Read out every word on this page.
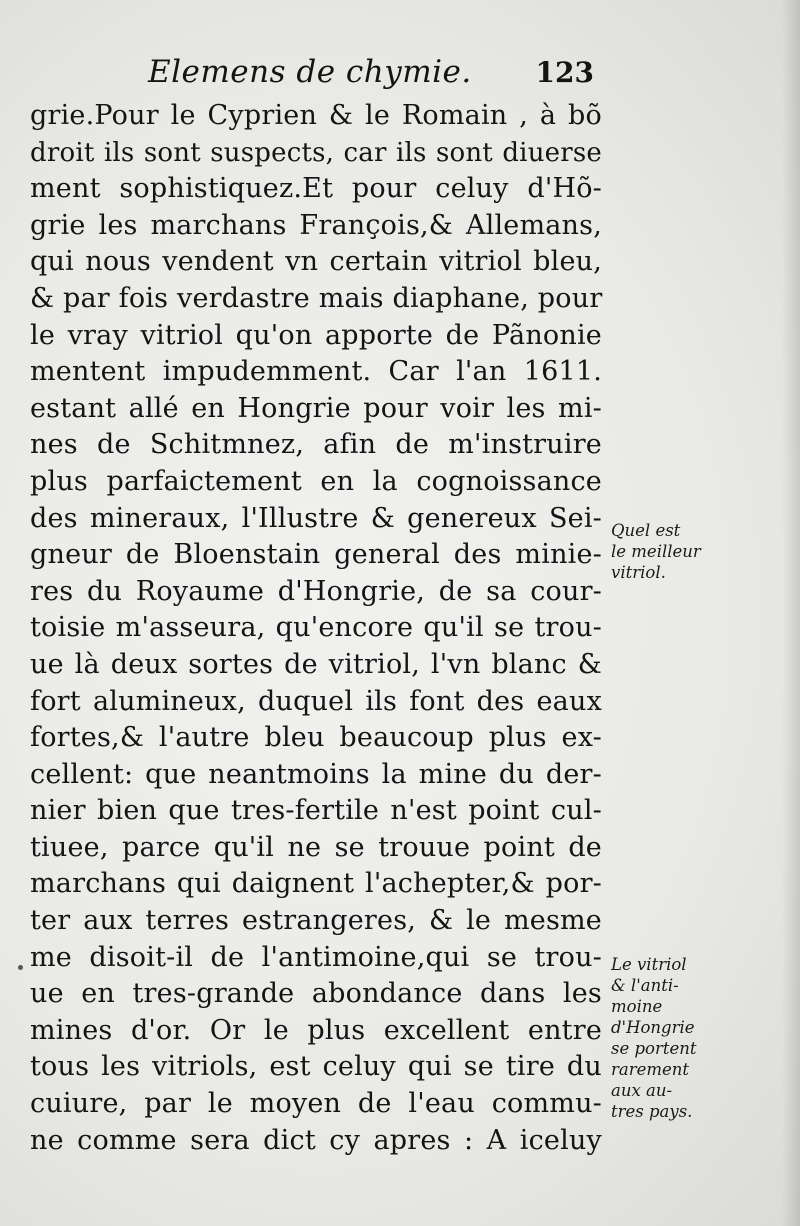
Elemens de chymie. 123
grie.Pour le Cyprien & le Romain , à bõ
droit ils sont suspects, car ils sont diuerse
ment sophistiquez.Et pour celuy d'Hõ-
grie les marchans François,& Allemans,
qui nous vendent vn certain vitriol bleu,
& par fois verdastre mais diaphane, pour
le vray vitriol qu'on apporte de Pãnonie
mentent impudemment. Car l'an 1611.
estant allé en Hongrie pour voir les mi-
nes de Schitmnez, afin de m'instruire
plus parfaictement en la cognoissance
des mineraux, l'Illustre & genereux Sei-
gneur de Bloenstain general des minie-
res du Royaume d'Hongrie, de sa cour-
toisie m'asseura, qu'encore qu'il se trou-
ue là deux sortes de vitriol, l'vn blanc &
fort alumineux, duquel ils font des eaux
fortes,& l'autre bleu beaucoup plus ex-
cellent: que neantmoins la mine du der-
nier bien que tres-fertile n'est point cul-
tiuee, parce qu'il ne se trouue point de
marchans qui daignent l'achepter,& por-
ter aux terres estrangeres, & le mesme
me disoit-il de l'antimoine,qui se trou-
ue en tres-grande abondance dans les
mines d'or. Or le plus excellent entre
tous les vitriols, est celuy qui se tire du
cuiure, par le moyen de l'eau commu-
ne comme sera dict cy apres : A iceluy
Quel est
le meilleur
vitriol.
Le vitriol
& l'anti-
moine
d'Hongrie
se portent
rarement
aux au-
tres pays.
